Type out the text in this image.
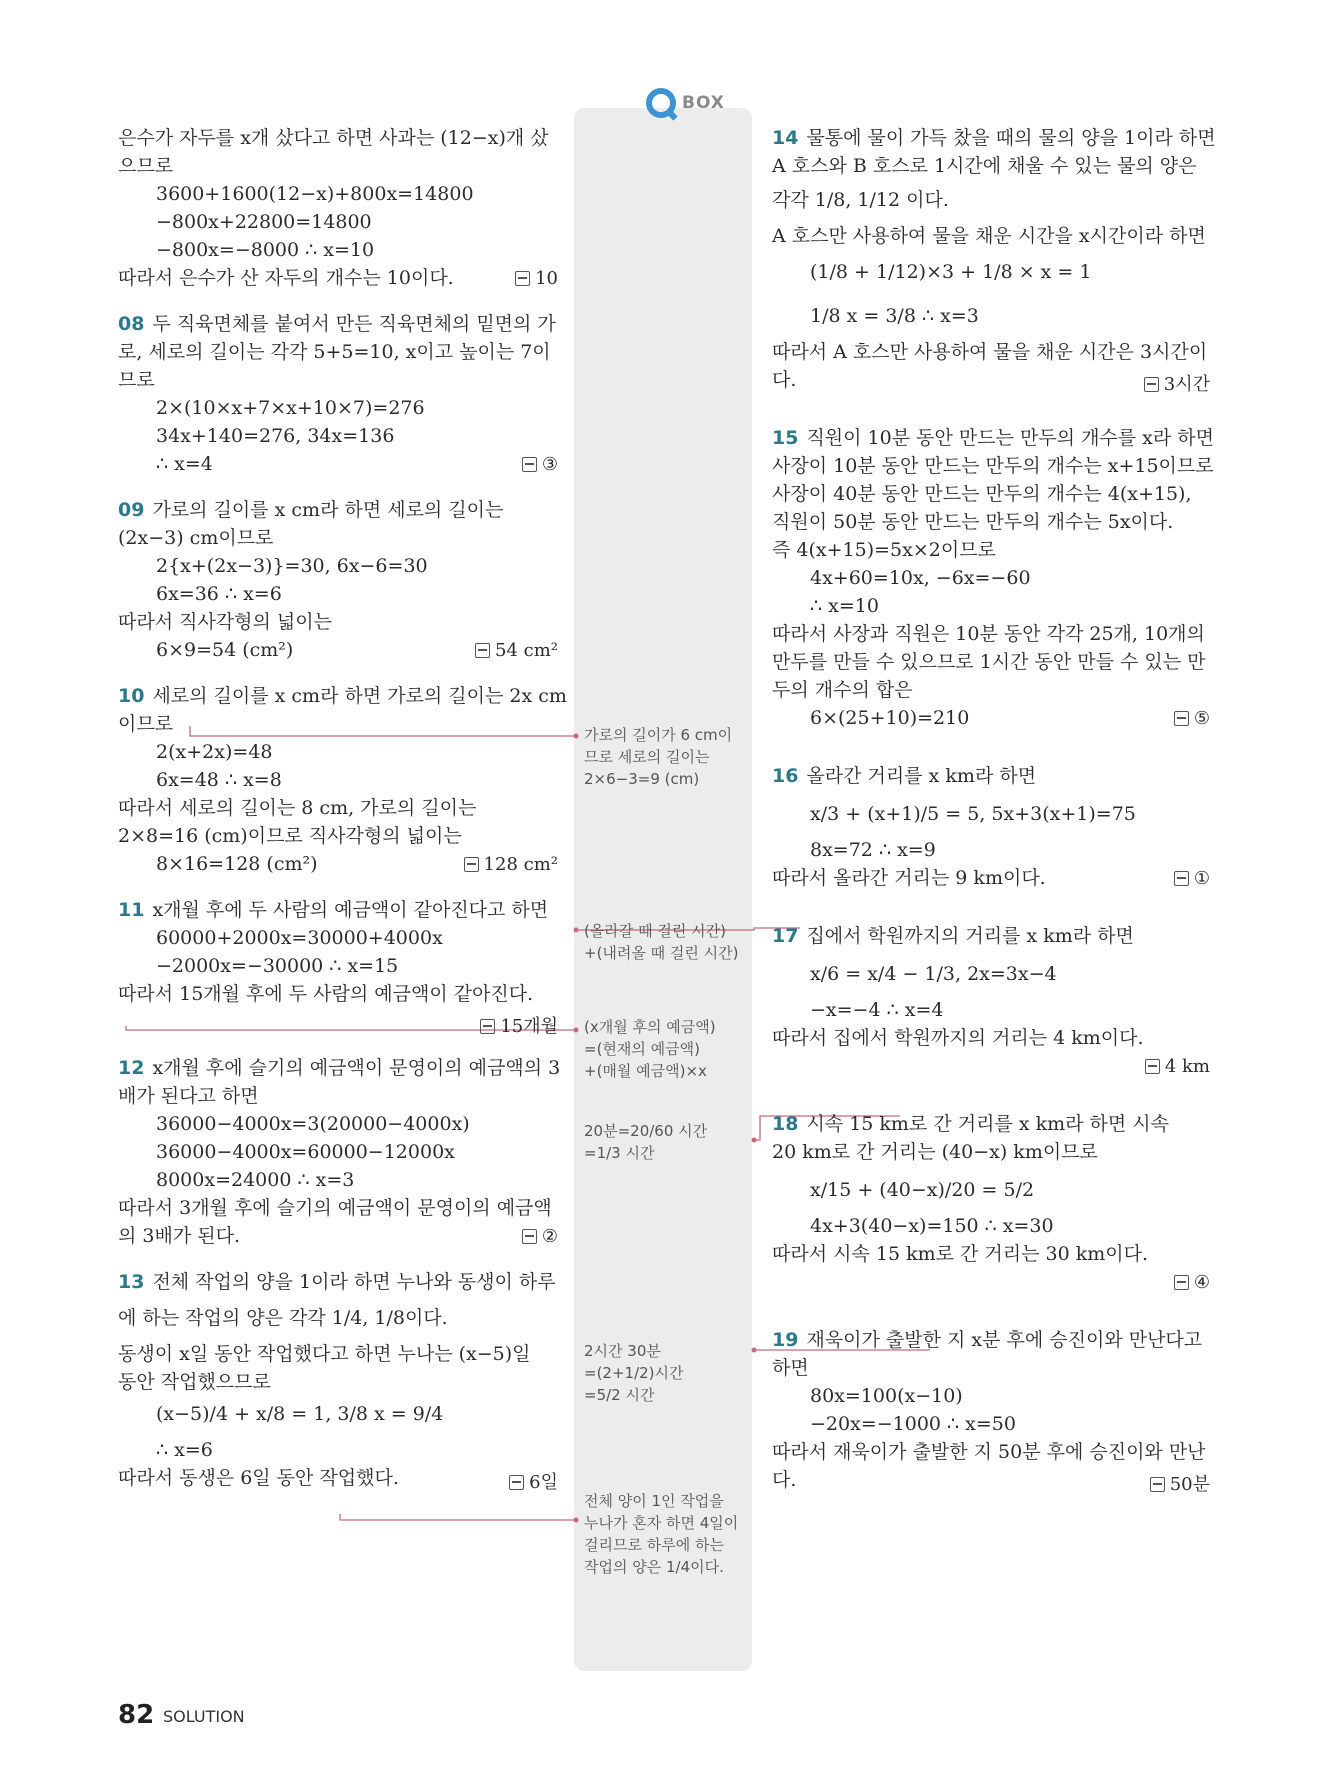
BOX
은수가 자두를 x개 샀다고 하면 사과는 (12−x)개 샀
으므로
3600+1600(12−x)+800x=14800
−800x+22800=14800
−800x=−8000 ∴ x=10
따라서 은수가 산 자두의 개수는 10이다.
08 두 직육면체를 붙여서 만든 직육면체의 밑면의 가
로, 세로의 길이는 각각 5+5=10, x이고 높이는 7이
므로
2×(10×x+7×x+10×7)=276
34x+140=276, 34x=136
∴ x=4
09 가로의 길이를 x cm라 하면 세로의 길이는
(2x−3) cm이므로
2{x+(2x−3)}=30, 6x−6=30
6x=36 ∴ x=6
따라서 직사각형의 넓이는
6×9=54 (cm²)
10 세로의 길이를 x cm라 하면 가로의 길이는 2x cm
이므로
2(x+2x)=48
6x=48 ∴ x=8
따라서 세로의 길이는 8 cm, 가로의 길이는
2×8=16 (cm)이므로 직사각형의 넓이는
8×16=128 (cm²)
11 x개월 후에 두 사람의 예금액이 같아진다고 하면
60000+2000x=30000+4000x
−2000x=−30000 ∴ x=15
따라서 15개월 후에 두 사람의 예금액이 같아진다.
12 x개월 후에 슬기의 예금액이 문영이의 예금액의 3
배가 된다고 하면
36000−4000x=3(20000−4000x)
36000−4000x=60000−12000x
8000x=24000 ∴ x=3
따라서 3개월 후에 슬기의 예금액이 문영이의 예금액
의 3배가 된다.
13 전체 작업의 양을 1이라 하면 누나와 동생이 하루
에 하는 작업의 양은 각각 1/4, 1/8이다.
동생이 x일 동안 작업했다고 하면 누나는 (x−5)일
동안 작업했으므로
(x−5)/4 + x/8 = 1, 3/8 x = 9/4
∴ x=6
따라서 동생은 6일 동안 작업했다.
10
③
54 cm²
128 cm²
15개월
②
6일
14 물통에 물이 가득 찼을 때의 물의 양을 1이라 하면
A 호스와 B 호스로 1시간에 채울 수 있는 물의 양은
각각 1/8, 1/12 이다.
A 호스만 사용하여 물을 채운 시간을 x시간이라 하면
(1/8 + 1/12)×3 + 1/8 × x = 1
1/8 x = 3/8 ∴ x=3
따라서 A 호스만 사용하여 물을 채운 시간은 3시간이
다.
15 직원이 10분 동안 만드는 만두의 개수를 x라 하면
사장이 10분 동안 만드는 만두의 개수는 x+15이므로
사장이 40분 동안 만드는 만두의 개수는 4(x+15),
직원이 50분 동안 만드는 만두의 개수는 5x이다.
즉 4(x+15)=5x×2이므로
4x+60=10x, −6x=−60
∴ x=10
따라서 사장과 직원은 10분 동안 각각 25개, 10개의
만두를 만들 수 있으므로 1시간 동안 만들 수 있는 만
두의 개수의 합은
6×(25+10)=210
16 올라간 거리를 x km라 하면
x/3 + (x+1)/5 = 5, 5x+3(x+1)=75
8x=72 ∴ x=9
따라서 올라간 거리는 9 km이다.
17 집에서 학원까지의 거리를 x km라 하면
x/6 = x/4 − 1/3, 2x=3x−4
−x=−4 ∴ x=4
따라서 집에서 학원까지의 거리는 4 km이다.
18 시속 15 km로 간 거리를 x km라 하면 시속
20 km로 간 거리는 (40−x) km이므로
x/15 + (40−x)/20 = 5/2
4x+3(40−x)=150 ∴ x=30
따라서 시속 15 km로 간 거리는 30 km이다.
19 재욱이가 출발한 지 x분 후에 승진이와 만난다고
하면
80x=100(x−10)
−20x=−1000 ∴ x=50
따라서 재욱이가 출발한 지 50분 후에 승진이와 만난
다.
3시간
⑤
①
4 km
④
50분
가로의 길이가 6 cm이
므로 세로의 길이는
2×6−3=9 (cm)
(올라갈 때 걸린 시간)
+(내려올 때 걸린 시간)
(x개월 후의 예금액)
=(현재의 예금액)
+(매월 예금액)×x
20분=20/60 시간
=1/3 시간
2시간 30분
=(2+1/2)시간
=5/2 시간
전체 양이 1인 작업을
누나가 혼자 하면 4일이
걸리므로 하루에 하는
작업의 양은 1/4이다.
82 SOLUTION
